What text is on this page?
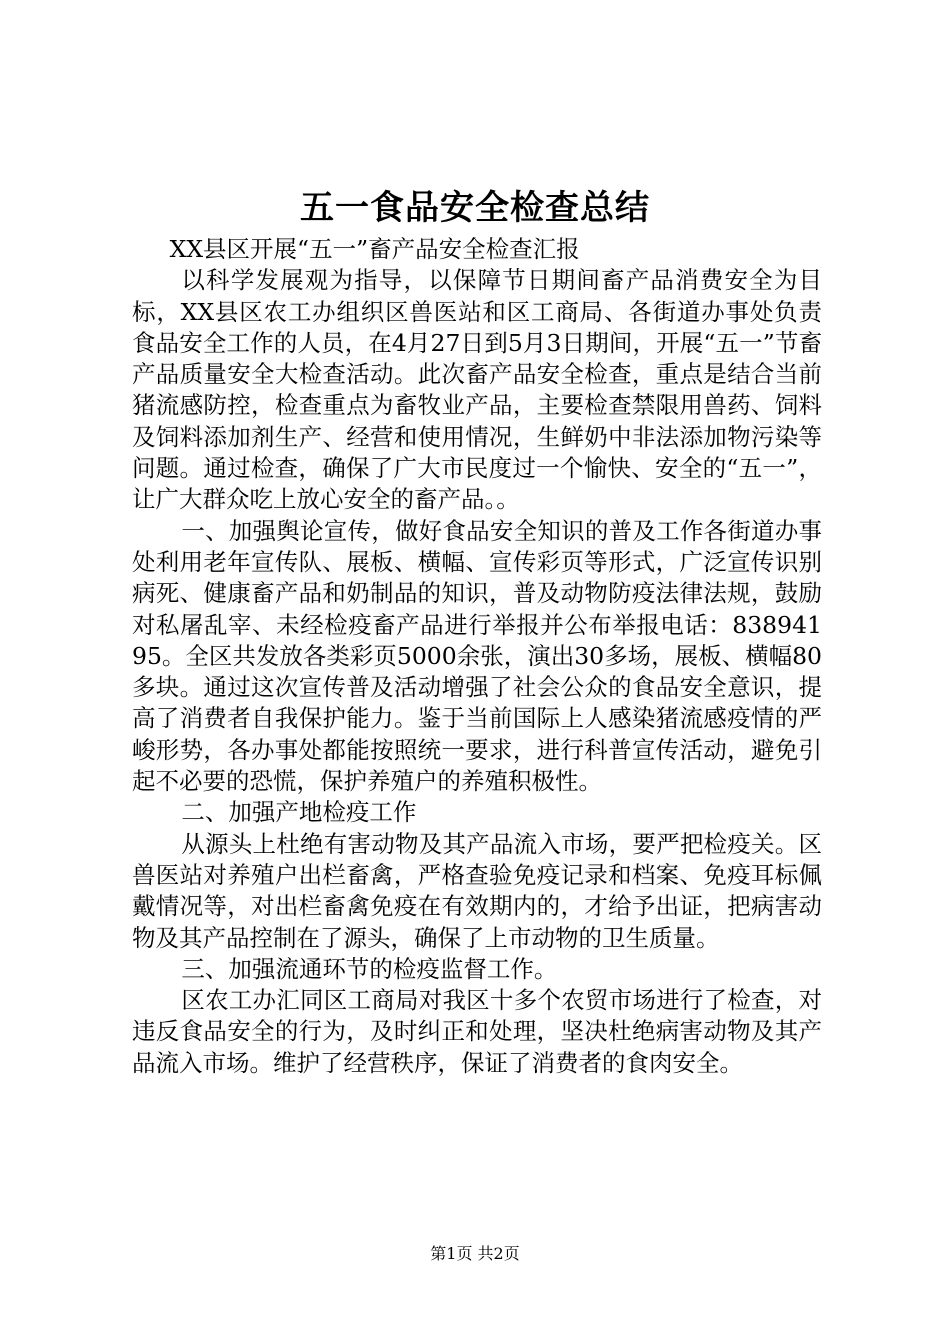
五一食品安全检查总结

XX县区开展“五一”畜产品安全检查汇报

以科学发展观为指导，以保障节日期间畜产品消费安全为目标，XX县区农工办组织区兽医站和区工商局、各街道办事处负责食品安全工作的人员，在4月27日到5月3日期间，开展“五一”节畜产品质量安全大检查活动。此次畜产品安全检查，重点是结合当前猪流感防控，检查重点为畜牧业产品，主要检查禁限用兽药、饲料及饲料添加剂生产、经营和使用情况，生鲜奶中非法添加物污染等问题。通过检查，确保了广大市民度过一个愉快、安全的“五一”，让广大群众吃上放心安全的畜产品。。

一、加强舆论宣传，做好食品安全知识的普及工作各街道办事处利用老年宣传队、展板、横幅、宣传彩页等形式，广泛宣传识别病死、健康畜产品和奶制品的知识，普及动物防疫法律法规，鼓励对私屠乱宰、未经检疫畜产品进行举报并公布举报电话：83894195。全区共发放各类彩页5000余张，演出30多场，展板、横幅80多块。通过这次宣传普及活动增强了社会公众的食品安全意识，提高了消费者自我保护能力。鉴于当前国际上人感染猪流感疫情的严峻形势，各办事处都能按照统一要求，进行科普宣传活动，避免引起不必要的恐慌，保护养殖户的养殖积极性。

二、加强产地检疫工作

从源头上杜绝有害动物及其产品流入市场，要严把检疫关。区兽医站对养殖户出栏畜禽，严格查验免疫记录和档案、免疫耳标佩戴情况等，对出栏畜禽免疫在有效期内的，才给予出证，把病害动物及其产品控制在了源头，确保了上市动物的卫生质量。

三、加强流通环节的检疫监督工作。

区农工办汇同区工商局对我区十多个农贸市场进行了检查，对违反食品安全的行为，及时纠正和处理，坚决杜绝病害动物及其产品流入市场。维护了经营秩序，保证了消费者的食肉安全。

第1页 共2页
